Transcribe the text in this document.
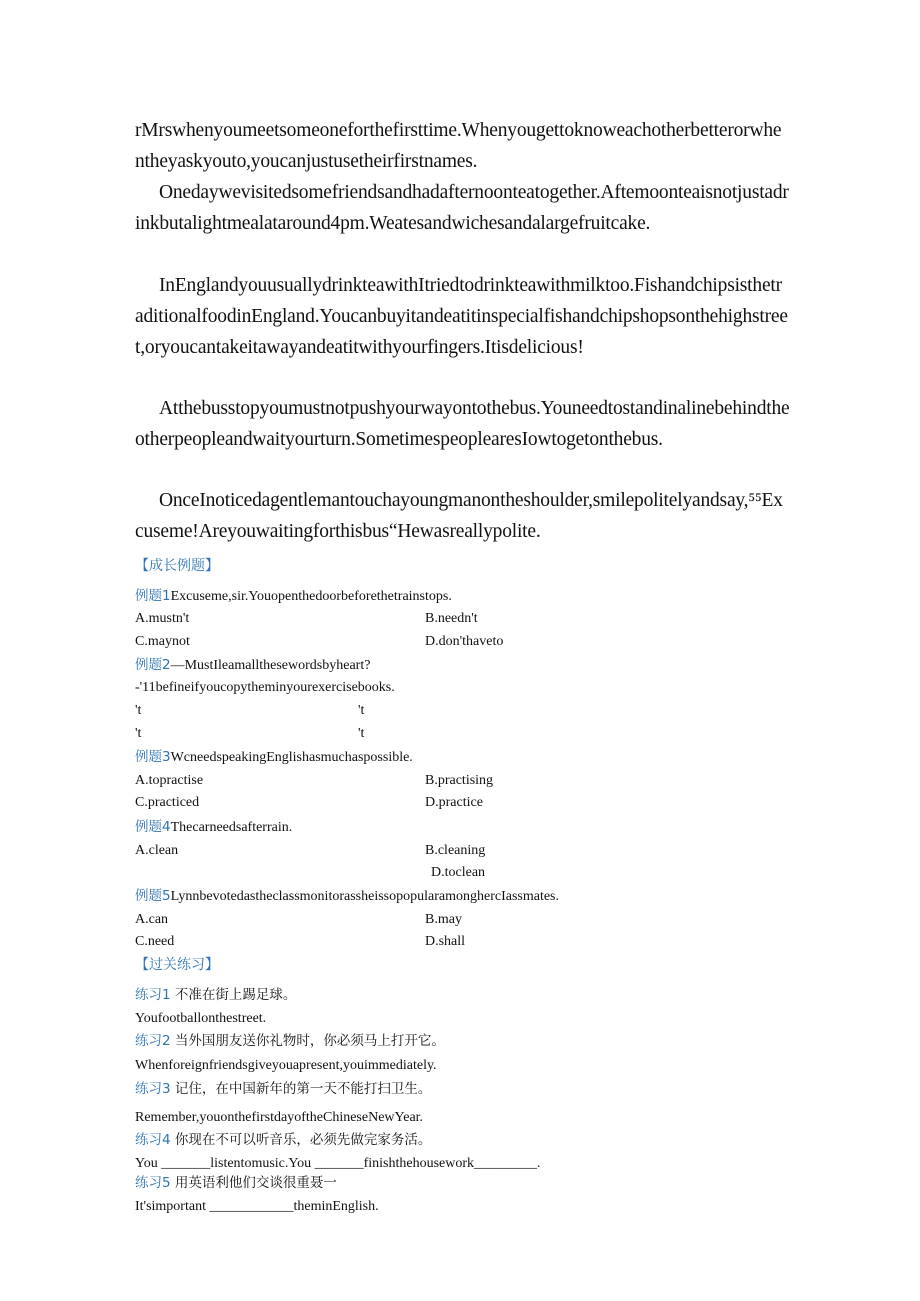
rMrswhenyoumeetsomeoneforthefirsttime.Whenyougettoknoweachotherbetterorwhentheyaskyouto,youcanjustusetheirfirstnames.
Onedaywevisitedsomefriendsandhadafternoonteatogether.Aftemoonteaisnotjustadrinkbutalightmealataround4pm.Weatesandwichesandalargefruitcake.
InEnglandyouusuallydrinkteawithItriedtodrinkteawithmilktoo.FishandchipsisthetraditionalfoodinEngland.Youcanbuyitandeatitinspecialfishandchipshopsonthehighstreet,oryoucantakeitawayandeatitwithyourfingers.Itisdelicious!
Atthebusstopyoumustnotpushyourwayontothebus.Youneedtostandinalinebehindtheotherpeopleandwaityourturn.SometimespeoplearesIowtogetonthebus.
OnceInoticedagentlemantouchayoungmanontheshoulder,smilepolitelyandsay,⁵⁵Excuseme!Areyouwaitingforthisbus“Hewasreallypolite.
【成长例题】
例题1Excuseme,sir.Youopenthedoorbeforethetrainstops.
A.mustn't	B.needn't
C.maynot	D.don'thaveto
例题2—MustIleamallthesewordsbyheart?
-'11befineifyoucopytheminyourexercisebooks.
't	't
't	't
例题3WcneedspeakingEnglishasmuchaspossible.
A.topractise	B.practising
C.practiced	D.practice
例题4Thecarneedsafterrain.
A.clean	B.cleaning
D.toclean
例题5LynnbevotedastheclassmonitorassheissopopularamonghercIassmates.
A.can	B.may
C.need	D.shall
【过关练习】
练习1 不准在街上踢足球。
Youfootballonthestreet.
练习2 当外国朋友送你礼物时，你必须马上打开它。
Whenforeignfriendsgiveyouapresent,youimmediately.
练习3 记住，在中国新年的第一天不能打扫卫生。
Remember,youonthefirstdayoftheChineseNewYear.
练习4 你现在不可以听音乐，必须先做完家务活。
You _______listentomusic.You _______finishthehousework_________.
练习5 用英语利他们交谈很重聂一
It'simportant ____________theminEnglish.
